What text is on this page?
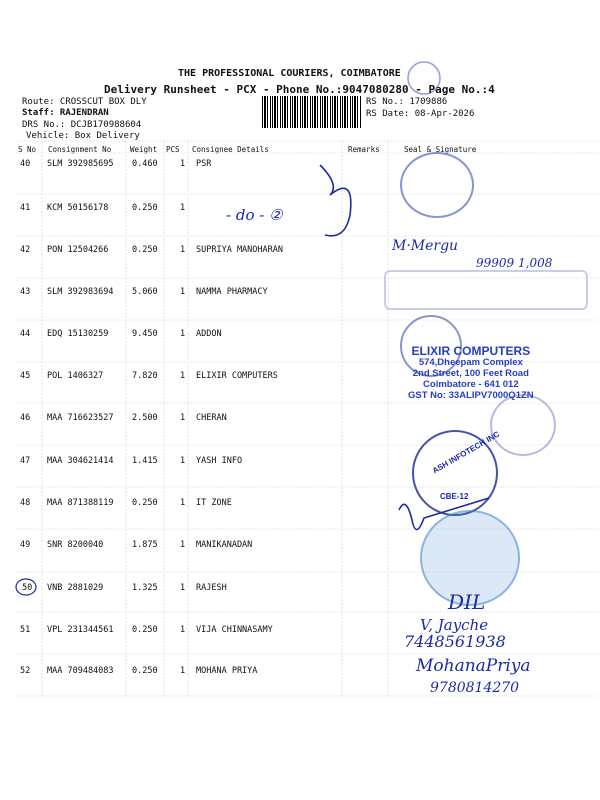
THE PROFESSIONAL COURIERS, COIMBATORE
Delivery Runsheet - PCX - Phone No.:9047080280 - Page No.:4
Route: CROSSCUT BOX DLY
Staff: RAJENDRAN
DRS No.: DCJB170988604
Vehicle: Box Delivery
RS No.: 1709886
RS Date: 08-Apr-2026
S No Consignment No	Weight PCS Consignee Details	Remarks	Seal & Signature
40 SLM 392985695 0.460	1 PSR
41 KCM 50156178	0.250	1
42 PON 12504266	0.250	1 SUPRIYA MANOHARAN
43 SLM 392983694 5.060	1 NAMMA PHARMACY
44 EDQ 15130259	9.450	1 ADDON
45 POL 1406327	7.820	1 ELIXIR COMPUTERS
46 MAA 716623527 2.500	1 CHERAN
47 MAA 304621414 1.415	1 YASH INFO
48 MAA 871388119 0.250	1 IT ZONE
49 SNR 8200040	1.875	1 MANIKANADAN
50 VNB 2881029	1.325	1 RAJESH
51 VPL 231344561 0.250	1 VIJA CHINNASAMY
52 MAA 709484083 0.250	1 MOHANA PRIYA
- do - ②
M·Mergu
99909 1,008
ELIXIR COMPUTERS
574,Dheepam Complex
2nd Street, 100 Feet Road
Coimbatore - 641 012
GST No: 33ALIPV7000Q1ZN
ASH INFOTECH INC
CBE-12
DIL
V, Jayche
7448561938
MohanaPriya
9780814270
